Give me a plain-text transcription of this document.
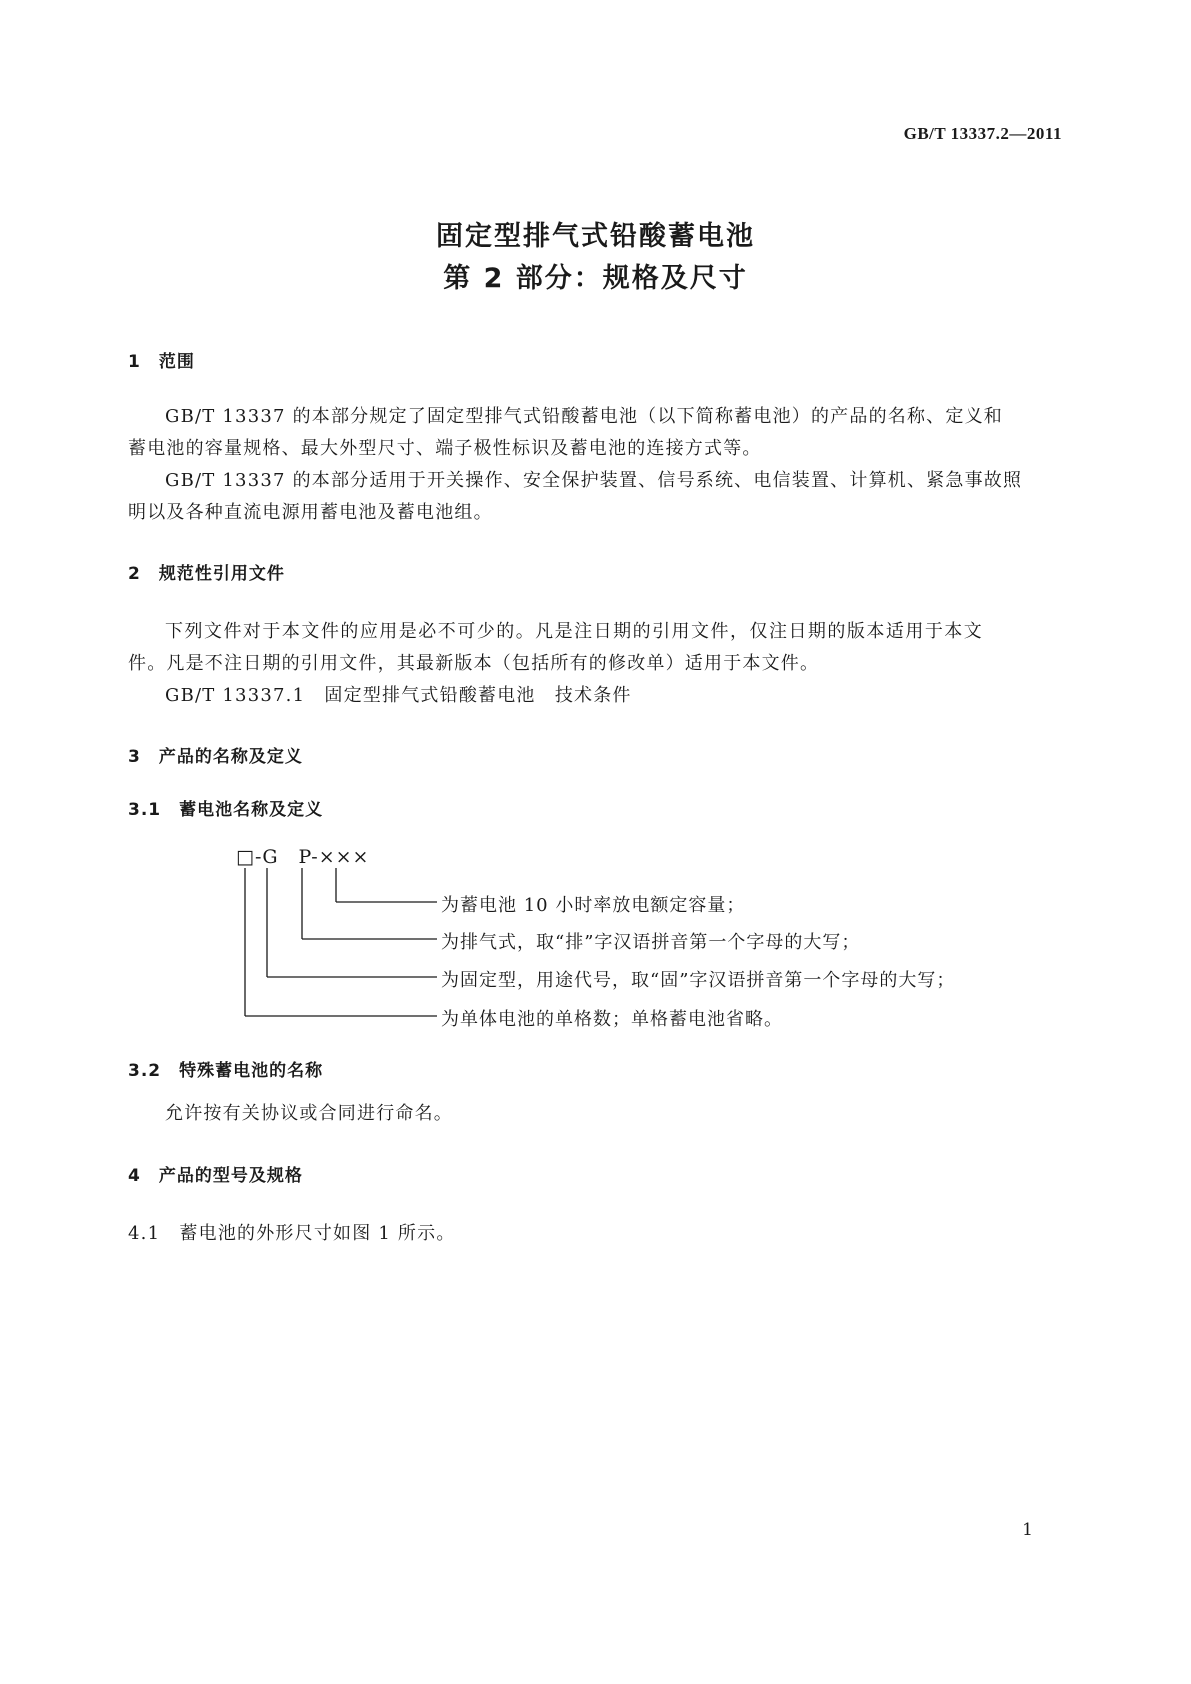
GB/T 13337.2—2011
固定型排气式铅酸蓄电池
第 2 部分：规格及尺寸
1　范围
GB/T 13337 的本部分规定了固定型排气式铅酸蓄电池（以下简称蓄电池）的产品的名称、定义和
蓄电池的容量规格、最大外型尺寸、端子极性标识及蓄电池的连接方式等。
GB/T 13337 的本部分适用于开关操作、安全保护装置、信号系统、电信装置、计算机、紧急事故照
明以及各种直流电源用蓄电池及蓄电池组。
2　规范性引用文件
下列文件对于本文件的应用是必不可少的。凡是注日期的引用文件，仅注日期的版本适用于本文
件。凡是不注日期的引用文件，其最新版本（包括所有的修改单）适用于本文件。
GB/T 13337.1　固定型排气式铅酸蓄电池　技术条件
3　产品的名称及定义
3.1　蓄电池名称及定义
□-G　P-×××
为蓄电池 10 小时率放电额定容量；
为排气式，取“排”字汉语拼音第一个字母的大写；
为固定型，用途代号，取“固”字汉语拼音第一个字母的大写；
为单体电池的单格数；单格蓄电池省略。
3.2　特殊蓄电池的名称
允许按有关协议或合同进行命名。
4　产品的型号及规格
4.1　蓄电池的外形尺寸如图 1 所示。
1
